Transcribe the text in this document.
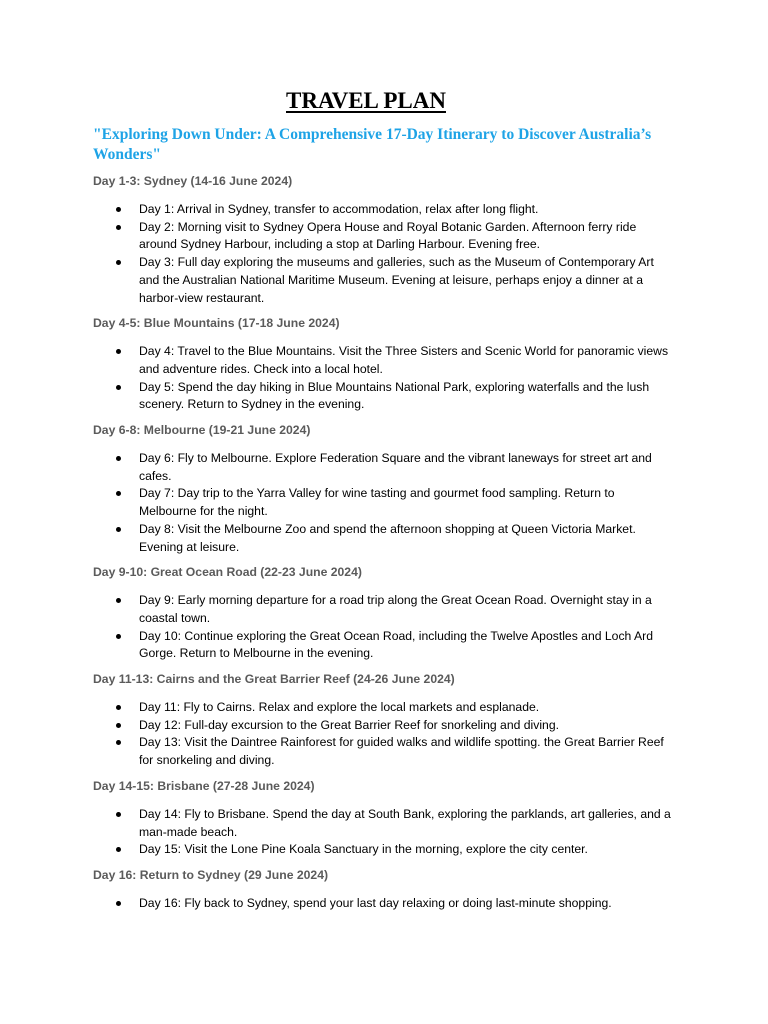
TRAVEL PLAN

"Exploring Down Under: A Comprehensive 17-Day Itinerary to Discover Australia’s Wonders"

Day 1-3: Sydney (14-16 June 2024)
Day 1: Arrival in Sydney, transfer to accommodation, relax after long flight.
Day 2: Morning visit to Sydney Opera House and Royal Botanic Garden. Afternoon ferry ride around Sydney Harbour, including a stop at Darling Harbour. Evening free.
Day 3: Full day exploring the museums and galleries, such as the Museum of Contemporary Art and the Australian National Maritime Museum. Evening at leisure, perhaps enjoy a dinner at a harbor-view restaurant.
Day 4-5: Blue Mountains (17-18 June 2024)
Day 4: Travel to the Blue Mountains. Visit the Three Sisters and Scenic World for panoramic views and adventure rides. Check into a local hotel.
Day 5: Spend the day hiking in Blue Mountains National Park, exploring waterfalls and the lush scenery. Return to Sydney in the evening.
Day 6-8: Melbourne (19-21 June 2024)
Day 6: Fly to Melbourne. Explore Federation Square and the vibrant laneways for street art and cafes.
Day 7: Day trip to the Yarra Valley for wine tasting and gourmet food sampling. Return to Melbourne for the night.
Day 8: Visit the Melbourne Zoo and spend the afternoon shopping at Queen Victoria Market. Evening at leisure.
Day 9-10: Great Ocean Road (22-23 June 2024)
Day 9: Early morning departure for a road trip along the Great Ocean Road. Overnight stay in a coastal town.
Day 10: Continue exploring the Great Ocean Road, including the Twelve Apostles and Loch Ard Gorge. Return to Melbourne in the evening.
Day 11-13: Cairns and the Great Barrier Reef (24-26 June 2024)
Day 11: Fly to Cairns. Relax and explore the local markets and esplanade.
Day 12: Full-day excursion to the Great Barrier Reef for snorkeling and diving.
Day 13: Visit the Daintree Rainforest for guided walks and wildlife spotting. the Great Barrier Reef for snorkeling and diving.
Day 14-15: Brisbane (27-28 June 2024)
Day 14: Fly to Brisbane. Spend the day at South Bank, exploring the parklands, art galleries, and a man-made beach.
Day 15: Visit the Lone Pine Koala Sanctuary in the morning, explore the city center.
Day 16: Return to Sydney (29 June 2024)
Day 16: Fly back to Sydney, spend your last day relaxing or doing last-minute shopping.
